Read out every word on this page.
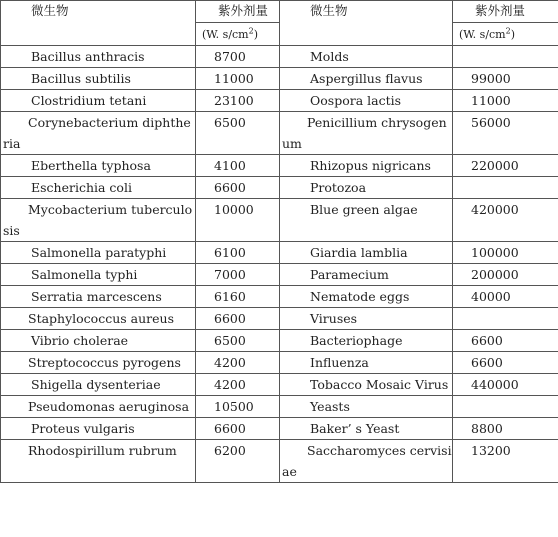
微生物	紫外剂量	微生物	紫外剂量
	(W. $s/cm^2$)		(W. $s/cm^2$)
Bacillus anthracis	8700	Molds	
Bacillus subtilis	11000	Aspergillus flavus	99000
Clostridium tetani	23100	Oospora lactis	11000
Corynebacterium diphtheria	6500	Penicillium chrysogenum	56000
Eberthella typhosa	4100	Rhizopus nigricans	220000
Escherichia coli	6600	Protozoa	
Mycobacterium tuberculosis	10000	Blue green algae	420000
Salmonella paratyphi	6100	Giardia lamblia	100000
Salmonella typhi	7000	Paramecium	200000
Serratia marcescens	6160	Nematode eggs	40000
Staphylococcus aureus	6600	Viruses	
Vibrio cholerae	6500	Bacteriophage	6600
Streptococcus pyrogens	4200	Influenza	6600
Shigella dysenteriae	4200	Tobacco Mosaic Virus	440000
Pseudomonas aeruginosa	10500	Yeasts	
Proteus vulgaris	6600	Baker’ s Yeast	8800
Rhodospirillum rubrum	6200	Saccharomyces cervisiae	13200
